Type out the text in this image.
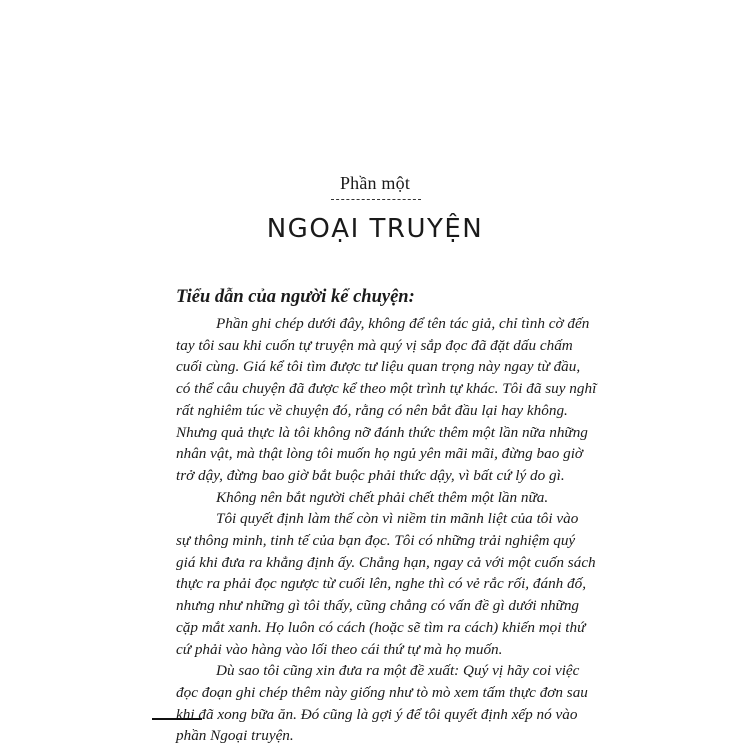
Phần một
NGOẠI TRUYỆN
Tiểu dẫn của người kể chuyện:

Phần ghi chép dưới đây, không để tên tác giả, chỉ tình cờ đến
tay tôi sau khi cuốn tự truyện mà quý vị sắp đọc đã đặt dấu chấm
cuối cùng. Giá kể tôi tìm được tư liệu quan trọng này ngay từ đầu,
có thể câu chuyện đã được kể theo một trình tự khác. Tôi đã suy nghĩ
rất nghiêm túc về chuyện đó, rằng có nên bắt đầu lại hay không.
Nhưng quả thực là tôi không nỡ đánh thức thêm một lần nữa những
nhân vật, mà thật lòng tôi muốn họ ngủ yên mãi mãi, đừng bao giờ
trở dậy, đừng bao giờ bắt buộc phải thức dậy, vì bất cứ lý do gì.

Không nên bắt người chết phải chết thêm một lần nữa.

Tôi quyết định làm thế còn vì niềm tin mãnh liệt của tôi vào
sự thông minh, tinh tế của bạn đọc. Tôi có những trải nghiệm quý
giá khi đưa ra khẳng định ấy. Chẳng hạn, ngay cả với một cuốn sách
thực ra phải đọc ngược từ cuối lên, nghe thì có vẻ rắc rối, đánh đố,
nhưng như những gì tôi thấy, cũng chẳng có vấn đề gì dưới những
cặp mắt xanh. Họ luôn có cách (hoặc sẽ tìm ra cách) khiến mọi thứ
cứ phải vào hàng vào lối theo cái thứ tự mà họ muốn.

Dù sao tôi cũng xin đưa ra một đề xuất: Quý vị hãy coi việc
đọc đoạn ghi chép thêm này giống như tò mò xem tấm thực đơn sau
khi đã xong bữa ăn. Đó cũng là gợi ý để tôi quyết định xếp nó vào
phần Ngoại truyện.
